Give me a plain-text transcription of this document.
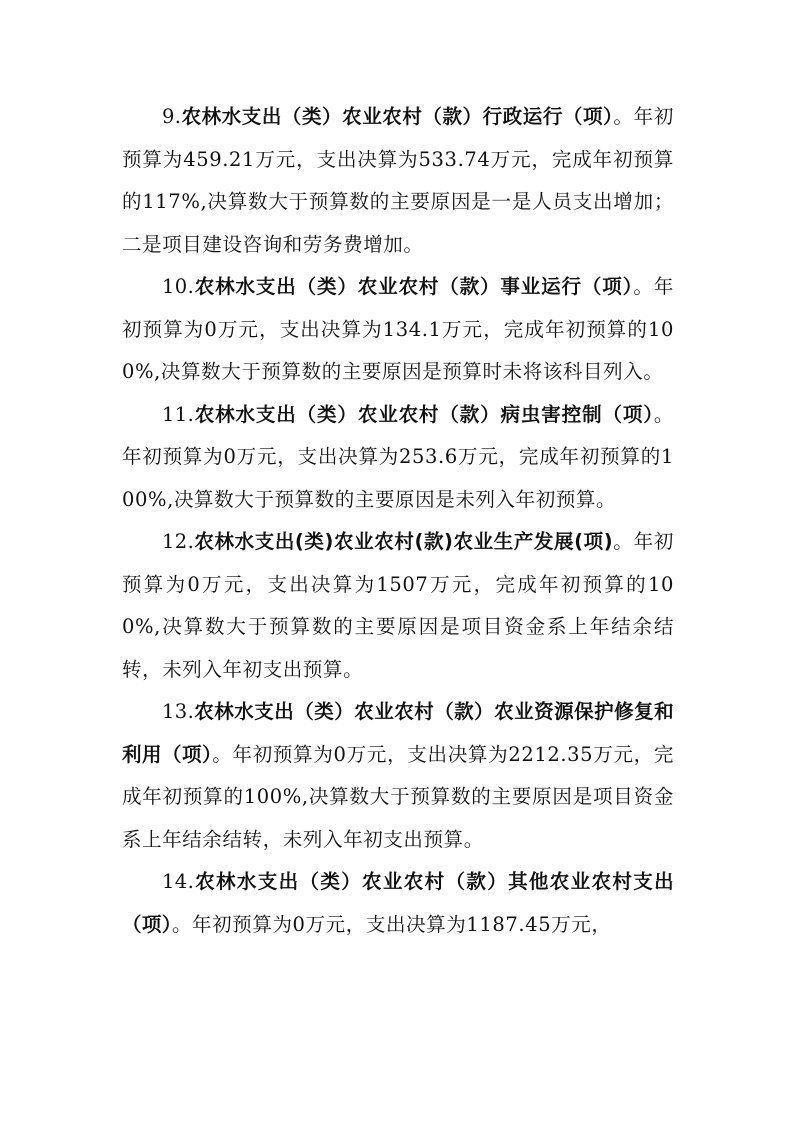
9.农林水支出（类）农业农村（款）行政运行（项）。年初预算为459.21万元，支出决算为533.74万元，完成年初预算的117%,决算数大于预算数的主要原因是一是人员支出增加；二是项目建设咨询和劳务费增加。

10.农林水支出（类）农业农村（款）事业运行（项）。年初预算为0万元，支出决算为134.1万元，完成年初预算的100%,决算数大于预算数的主要原因是预算时未将该科目列入。

11.农林水支出（类）农业农村（款）病虫害控制（项）。年初预算为0万元，支出决算为253.6万元，完成年初预算的100%,决算数大于预算数的主要原因是未列入年初预算。

12.农林水支出(类)农业农村(款)农业生产发展(项)。年初预算为0万元，支出决算为1507万元，完成年初预算的100%,决算数大于预算数的主要原因是项目资金系上年结余结转，未列入年初支出预算。

13.农林水支出（类）农业农村（款）农业资源保护修复和利用（项）。年初预算为0万元，支出决算为2212.35万元，完成年初预算的100%,决算数大于预算数的主要原因是项目资金系上年结余结转，未列入年初支出预算。

14.农林水支出（类）农业农村（款）其他农业农村支出（项）。年初预算为0万元，支出决算为1187.45万元，
